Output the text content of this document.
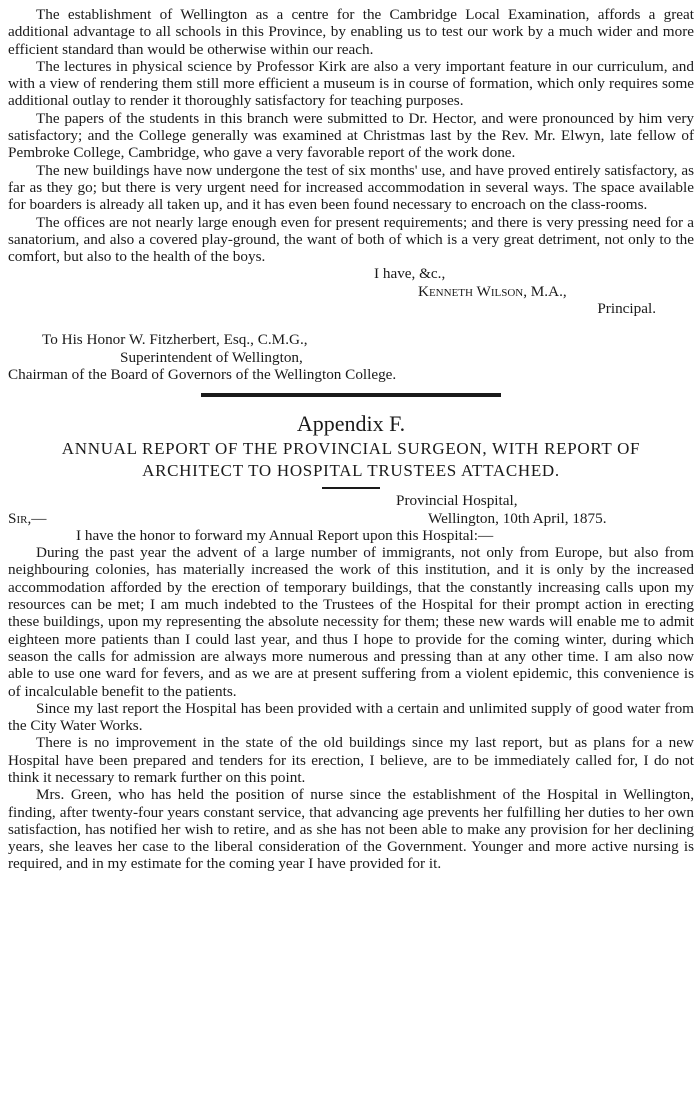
The establishment of Wellington as a centre for the Cambridge Local Examination, affords a great additional advantage to all schools in this Province, by enabling us to test our work by a much wider and more efficient standard than would be otherwise within our reach.

The lectures in physical science by Professor Kirk are also a very important feature in our curriculum, and with a view of rendering them still more efficient a museum is in course of formation, which only requires some additional outlay to render it thoroughly satisfactory for teaching purposes.

The papers of the students in this branch were submitted to Dr. Hector, and were pronounced by him very satisfactory; and the College generally was examined at Christmas last by the Rev. Mr. Elwyn, late fellow of Pembroke College, Cambridge, who gave a very favorable report of the work done.

The new buildings have now undergone the test of six months' use, and have proved entirely satisfactory, as far as they go; but there is very urgent need for increased accommodation in several ways. The space available for boarders is already all taken up, and it has even been found necessary to encroach on the class-rooms.

The offices are not nearly large enough even for present requirements; and there is very pressing need for a sanatorium, and also a covered play-ground, the want of both of which is a very great detriment, not only to the comfort, but also to the health of the boys.

I have, &c.,
Kenneth Wilson, M.A.,
Principal.
To His Honor W. Fitzherbert, Esq., C.M.G.,
Superintendent of Wellington,
Chairman of the Board of Governors of the Wellington College.
Appendix F.
ANNUAL REPORT OF THE PROVINCIAL SURGEON, WITH REPORT OF
ARCHITECT TO HOSPITAL TRUSTEES ATTACHED.
Provincial Hospital,
Sir,—	Wellington, 10th April, 1875.

I have the honor to forward my Annual Report upon this Hospital:—

During the past year the advent of a large number of immigrants, not only from Europe, but also from neighbouring colonies, has materially increased the work of this institution, and it is only by the increased accommodation afforded by the erection of temporary buildings, that the constantly increasing calls upon my resources can be met; I am much indebted to the Trustees of the Hospital for their prompt action in erecting these buildings, upon my representing the absolute necessity for them; these new wards will enable me to admit eighteen more patients than I could last year, and thus I hope to provide for the coming winter, during which season the calls for admission are always more numerous and pressing than at any other time. I am also now able to use one ward for fevers, and as we are at present suffering from a violent epidemic, this convenience is of incalculable benefit to the patients.

Since my last report the Hospital has been provided with a certain and unlimited supply of good water from the City Water Works.

There is no improvement in the state of the old buildings since my last report, but as plans for a new Hospital have been prepared and tenders for its erection, I believe, are to be immediately called for, I do not think it necessary to remark further on this point.

Mrs. Green, who has held the position of nurse since the establishment of the Hospital in Wellington, finding, after twenty-four years constant service, that advancing age prevents her fulfilling her duties to her own satisfaction, has notified her wish to retire, and as she has not been able to make any provision for her declining years, she leaves her case to the liberal consideration of the Government. Younger and more active nursing is required, and in my estimate for the coming year I have provided for it.
